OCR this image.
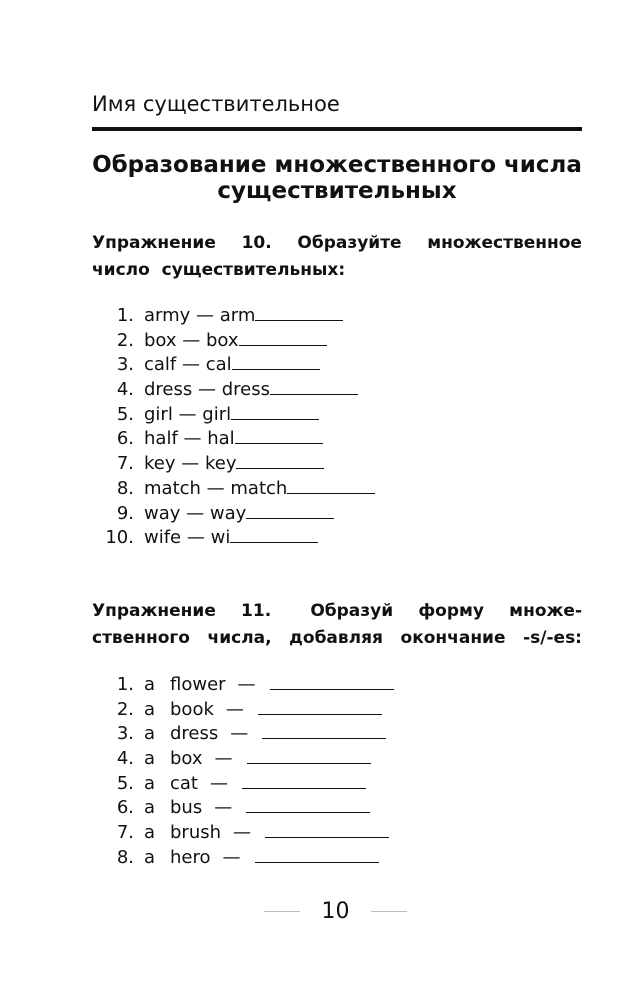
Имя существительное
Образование множественного числа
существительных
Упражнение 10. Образуйте множественное
число  существительных:
1. army — arm
2. box — box
3. calf — cal
4. dress — dress
5. girl — girl
6. half — hal
7. key — key
8. match — match
9. way — way
10. wife — wi
Упражнение 11. Образуй форму множе-
ственного числа, добавляя окончание -s/-es:
1. a flower —
2. a book —
3. a dress —
4. a box —
5. a cat —
6. a bus —
7. a brush —
8. a hero —
10
